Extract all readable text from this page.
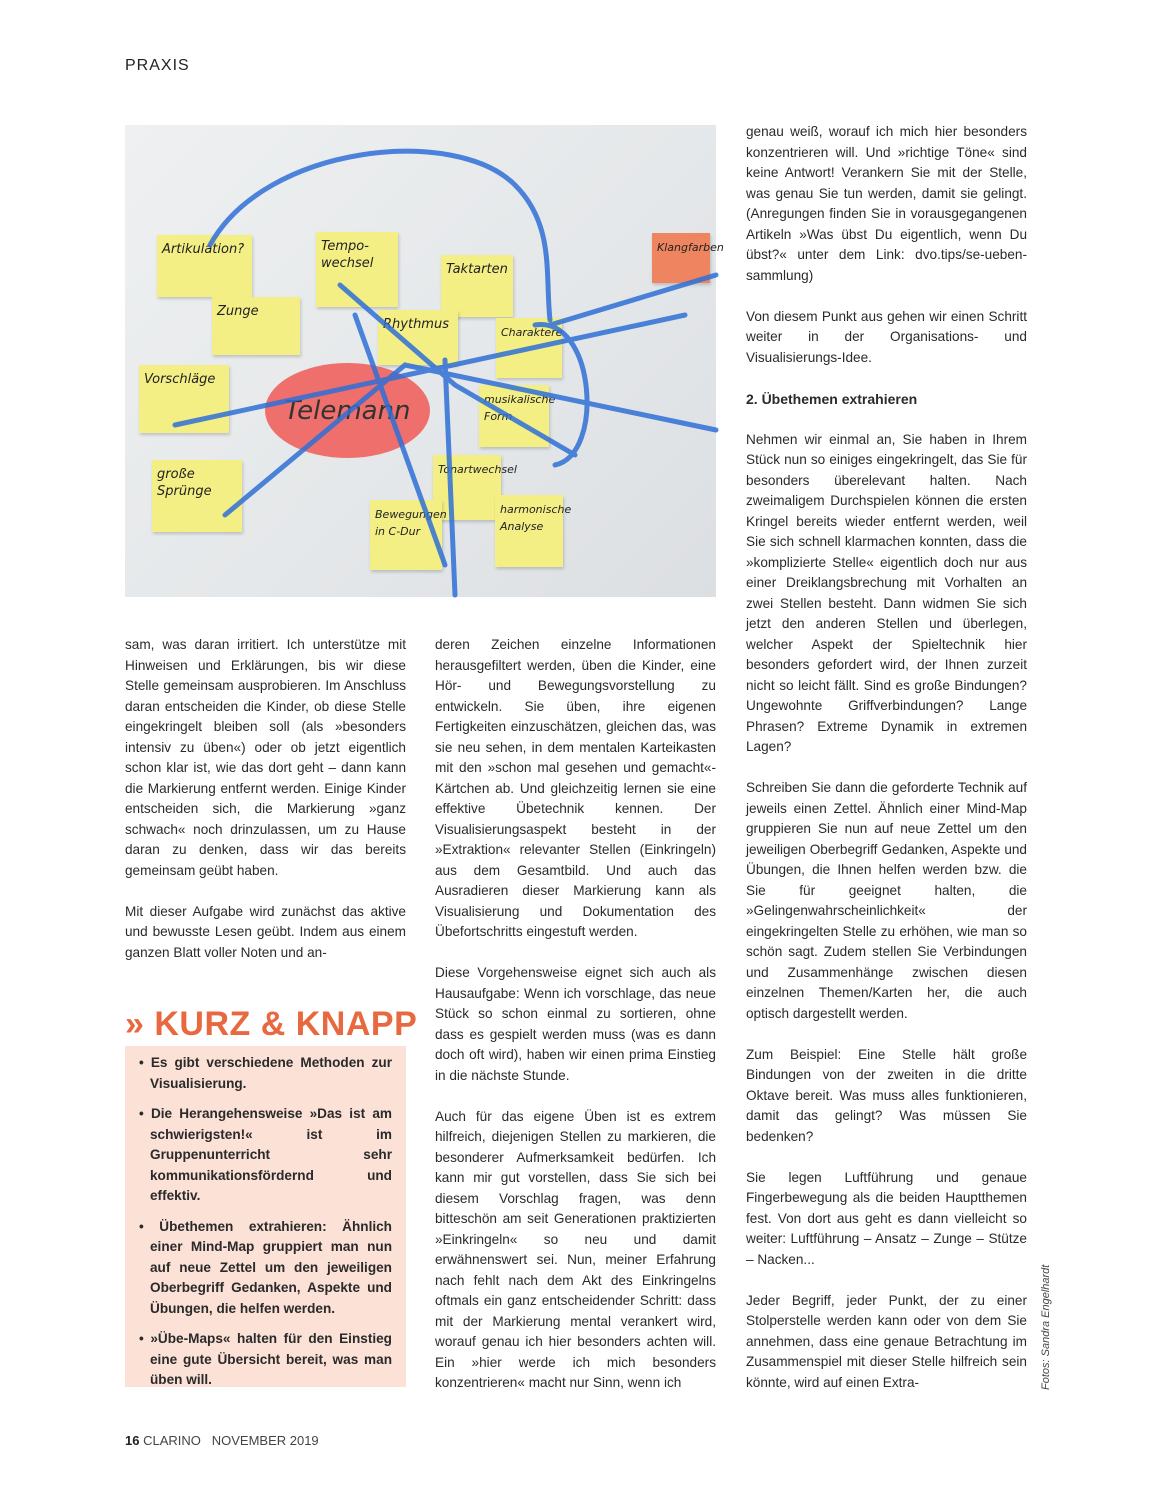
PRAXIS
Telemann
Artikulation?	Tempo-wechsel	Taktarten
Klangfarben
Zunge
Rhythmus
Charaktere
Vorschläge
musikalische Form
große Sprünge
Tonartwechsel
Bewegungen in C-Dur
harmonische Analyse

sam, was daran irritiert. Ich unterstütze mit Hinweisen und Erklärungen, bis wir diese Stelle gemeinsam ausprobieren. Im Anschluss daran entscheiden die Kinder, ob diese Stelle eingekringelt bleiben soll (als »besonders intensiv zu üben«) oder ob jetzt eigentlich schon klar ist, wie das dort geht – dann kann die Markierung entfernt werden. Einige Kinder entscheiden sich, die Markierung »ganz schwach« noch drinzulassen, um zu Hause daran zu denken, dass wir das bereits gemeinsam geübt haben.

Mit dieser Aufgabe wird zunächst das aktive und bewusste Lesen geübt. Indem aus einem ganzen Blatt voller Noten und an-

• Es gibt verschiedene Methoden zur Visualisierung.
• Die Herangehensweise »Das ist am schwierigsten!« ist im Gruppenunterricht sehr kommunikationsfördernd und effektiv.
• Übethemen extrahieren: Ähnlich einer Mind-Map gruppiert man nun auf neue Zettel um den jeweiligen Oberbegriff Gedanken, Aspekte und Übungen, die helfen werden.
• »Übe-Maps« halten für den Einstieg eine gute Übersicht bereit, was man üben will.
» KURZ & KNAPP

deren Zeichen einzelne Informationen herausgefiltert werden, üben die Kinder, eine Hör- und Bewegungsvorstellung zu entwickeln. Sie üben, ihre eigenen Fertigkeiten einzuschätzen, gleichen das, was sie neu sehen, in dem mentalen Karteikasten mit den »schon mal gesehen und gemacht«- Kärtchen ab. Und gleichzeitig lernen sie eine effektive Übetechnik kennen. Der Visualisierungsaspekt besteht in der »Extraktion« relevanter Stellen (Einkringeln) aus dem Gesamtbild. Und auch das Ausradieren dieser Markierung kann als Visualisierung und Dokumentation des Übefortschritts eingestuft werden.

Diese Vorgehensweise eignet sich auch als Hausaufgabe: Wenn ich vorschlage, das neue Stück so schon einmal zu sortieren, ohne dass es gespielt werden muss (was es dann doch oft wird), haben wir einen prima Einstieg in die nächste Stunde.

Auch für das eigene Üben ist es extrem hilfreich, diejenigen Stellen zu markieren, die besonderer Aufmerksamkeit bedürfen. Ich kann mir gut vorstellen, dass Sie sich bei diesem Vorschlag fragen, was denn bitteschön am seit Generationen praktizierten »Einkringeln« so neu und damit erwähnenswert sei. Nun, meiner Erfahrung nach fehlt nach dem Akt des Einkringelns oftmals ein ganz entscheidender Schritt: dass mit der Markierung mental verankert wird, worauf genau ich hier besonders achten will. Ein »hier werde ich mich besonders konzentrieren« macht nur Sinn, wenn ich

genau weiß, worauf ich mich hier besonders konzentrieren will. Und »richtige Töne« sind keine Antwort! Verankern Sie mit der Stelle, was genau Sie tun werden, damit sie gelingt. (Anregungen finden Sie in vorausgegangenen Artikeln »Was übst Du eigentlich, wenn Du übst?« unter dem Link: dvo.tips/se-ueben-sammlung)

Von diesem Punkt aus gehen wir einen Schritt weiter in der Organisations- und Visualisierungs-Idee.

2. Übethemen extrahieren

Nehmen wir einmal an, Sie haben in Ihrem Stück nun so einiges eingekringelt, das Sie für besonders überelevant halten. Nach zweimaligem Durchspielen können die ersten Kringel bereits wieder entfernt werden, weil Sie sich schnell klarmachen konnten, dass die »komplizierte Stelle« eigentlich doch nur aus einer Dreiklangsbrechung mit Vorhalten an zwei Stellen besteht. Dann widmen Sie sich jetzt den anderen Stellen und überlegen, welcher Aspekt der Spieltechnik hier besonders gefordert wird, der Ihnen zurzeit nicht so leicht fällt. Sind es große Bindungen? Ungewohnte Griffverbindungen? Lange Phrasen? Extreme Dynamik in extremen Lagen?

Schreiben Sie dann die geforderte Technik auf jeweils einen Zettel. Ähnlich einer Mind-Map gruppieren Sie nun auf neue Zettel um den jeweiligen Oberbegriff Gedanken, Aspekte und Übungen, die Ihnen helfen werden bzw. die Sie für geeignet halten, die »Gelingenwahrscheinlichkeit« der eingekringelten Stelle zu erhöhen, wie man so schön sagt. Zudem stellen Sie Verbindungen und Zusammenhänge zwischen diesen einzelnen Themen/Karten her, die auch optisch dargestellt werden.

Zum Beispiel: Eine Stelle hält große Bindungen von der zweiten in die dritte Oktave bereit. Was muss alles funktionieren, damit das gelingt? Was müssen Sie bedenken?

Sie legen Luftführung und genaue Fingerbewegung als die beiden Hauptthemen fest. Von dort aus geht es dann vielleicht so weiter: Luftführung – Ansatz – Zunge – Stütze – Nacken...

Jeder Begriff, jeder Punkt, der zu einer Stolperstelle werden kann oder von dem Sie annehmen, dass eine genaue Betrachtung im Zusammenspiel mit dieser Stelle hilfreich sein könnte, wird auf einen Extra-	Fotos: Sandra Engelhardt
16 CLARINO NOVEMBER 2019
